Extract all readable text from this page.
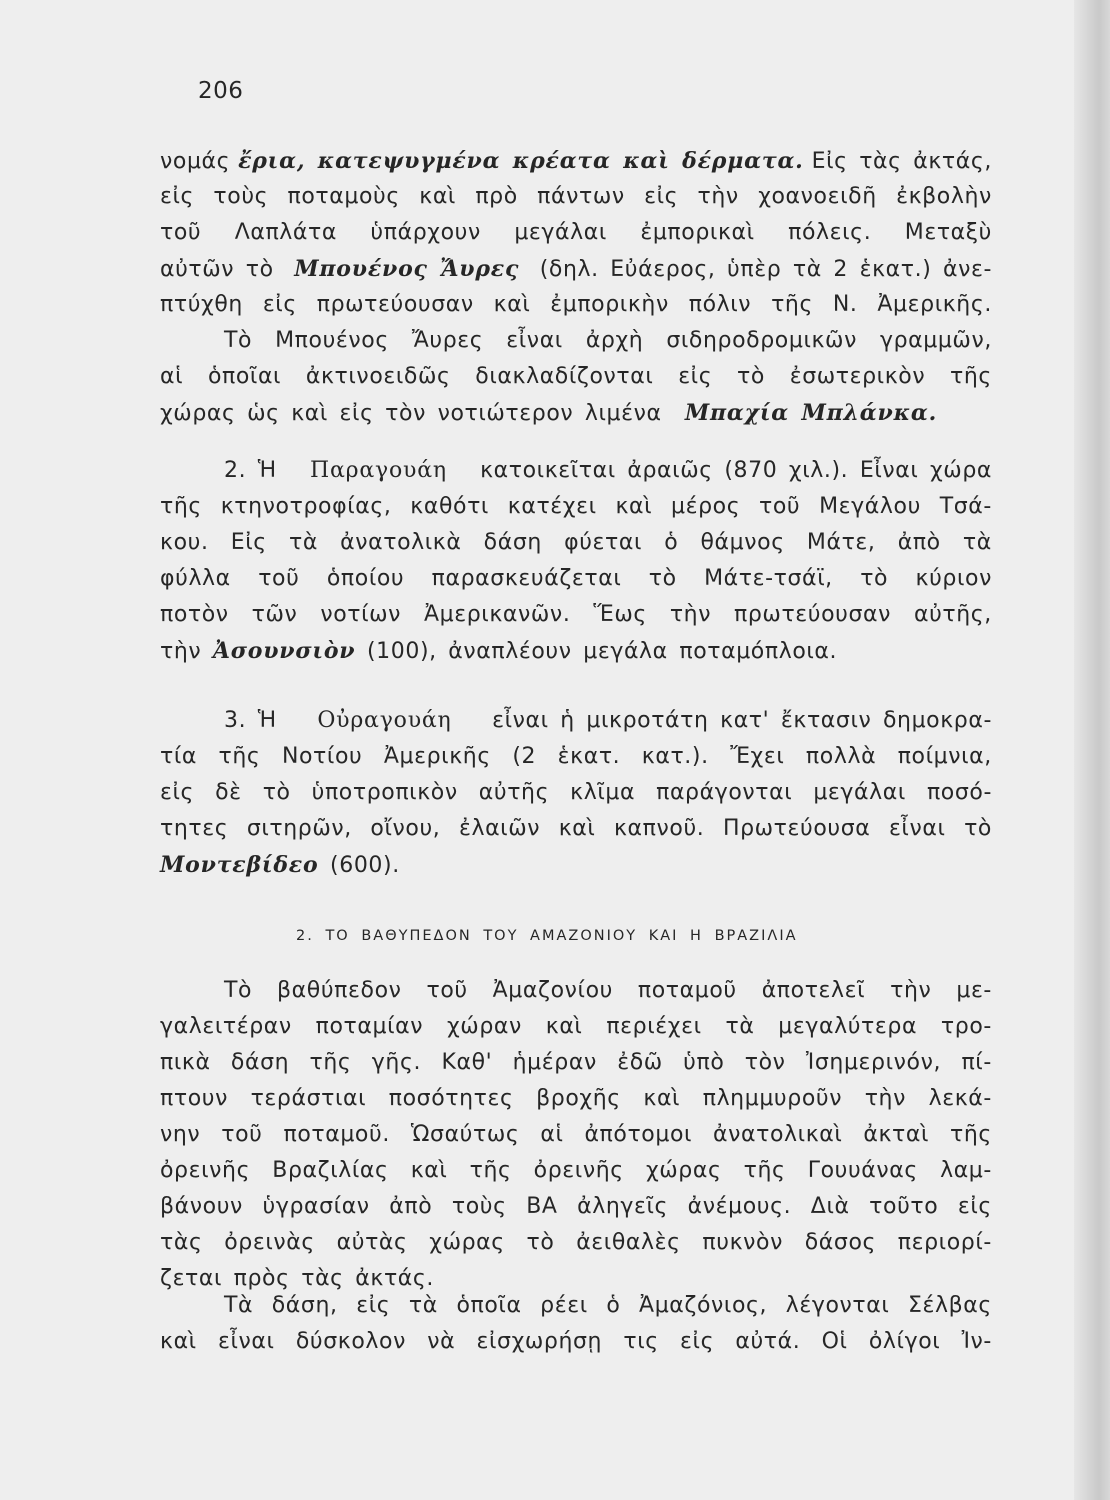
206
νομάς ἔρια, κατεψυγμένα κρέατα καὶ δέρματα. Εἰς τὰς ἀκτάς,
εἰς τοὺς ποταμοὺς καὶ πρὸ πάντων εἰς τὴν χοανοειδῆ ἐκβολὴν
τοῦ Λαπλάτα ὑπάρχουν μεγάλαι ἐμπορικαὶ πόλεις. Μεταξὺ
αὐτῶν τὸ Μπουένος Ἄυρες (δηλ. Εὐάερος, ὑπὲρ τὰ 2 ἑκατ.) ἀνε-
πτύχθη εἰς πρωτεύουσαν καὶ ἐμπορικὴν πόλιν τῆς Ν. Ἀμερικῆς.
Τὸ Μπουένος Ἄυρες εἶναι ἀρχὴ σιδηροδρομικῶν γραμμῶν,
αἱ ὁποῖαι ἀκτινοειδῶς διακλαδίζονται εἰς τὸ ἐσωτερικὸν τῆς
χώρας ὡς καὶ εἰς τὸν νοτιώτερον λιμένα
Μπαχία Μπλάνκα.
2. Ἡ Παραγουάη κατοικεῖται ἀραιῶς (870 χιλ.). Εἶναι χώρα
τῆς κτηνοτροφίας, καθότι κατέχει καὶ μέρος τοῦ Μεγάλου Τσά-
κου. Εἰς τὰ ἀνατολικὰ δάση φύεται ὁ θάμνος Μάτε, ἀπὸ τὰ
φύλλα τοῦ ὁποίου παρασκευάζεται τὸ Μάτε-τσάϊ, τὸ κύριον
ποτὸν τῶν νοτίων Ἀμερικανῶν. Ἕως τὴν πρωτεύουσαν αὐτῆς,
τὴν
Ἀσουνσιὸν
(100), ἀναπλέουν μεγάλα ποταμόπλοια.
3. Ἡ Οὐραγουάη εἶναι ἡ μικροτάτη κατ' ἔκτασιν δημοκρα-
τία τῆς Νοτίου Ἀμερικῆς (2 ἑκατ. κατ.). Ἔχει πολλὰ ποίμνια,
εἰς δὲ τὸ ὑποτροπικὸν αὐτῆς κλῖμα παράγονται μεγάλαι ποσό-
τητες σιτηρῶν, οἴνου, ἐλαιῶν καὶ καπνοῦ. Πρωτεύουσα εἶναι τὸ
Μοντεβίδεο
(600).
2. ΤΟ ΒΑΘΥΠΕΔΟΝ ΤΟΥ ΑΜΑΖΟΝΙΟΥ ΚΑΙ Η ΒΡΑΖΙΛΙΑ
Τὸ βαθύπεδον τοῦ Ἀμαζονίου ποταμοῦ ἀποτελεῖ τὴν με-
γαλειτέραν ποταμίαν χώραν καὶ περιέχει τὰ μεγαλύτερα τρο-
πικὰ δάση τῆς γῆς. Καθ' ἡμέραν ἐδῶ ὑπὸ τὸν Ἰσημερινόν, πί-
πτουν τεράστιαι ποσότητες βροχῆς καὶ πλημμυροῦν τὴν λεκά-
νην τοῦ ποταμοῦ. Ὡσαύτως αἱ ἀπότομοι ἀνατολικαὶ ἀκταὶ τῆς
ὀρεινῆς Βραζιλίας καὶ τῆς ὀρεινῆς χώρας τῆς Γουυάνας λαμ-
βάνουν ὑγρασίαν ἀπὸ τοὺς ΒΑ ἀληγεῖς ἀνέμους. Διὰ τοῦτο εἰς
τὰς ὀρεινὰς αὐτὰς χώρας τὸ ἀειθαλὲς πυκνὸν δάσος περιορί-
ζεται πρὸς τὰς ἀκτάς.
Τὰ δάση, εἰς τὰ ὁποῖα ρέει ὁ Ἀμαζόνιος, λέγονται Σέλβας
καὶ εἶναι δύσκολον νὰ εἰσχωρήσῃ τις εἰς αὐτά. Οἱ ὀλίγοι Ἰν-
